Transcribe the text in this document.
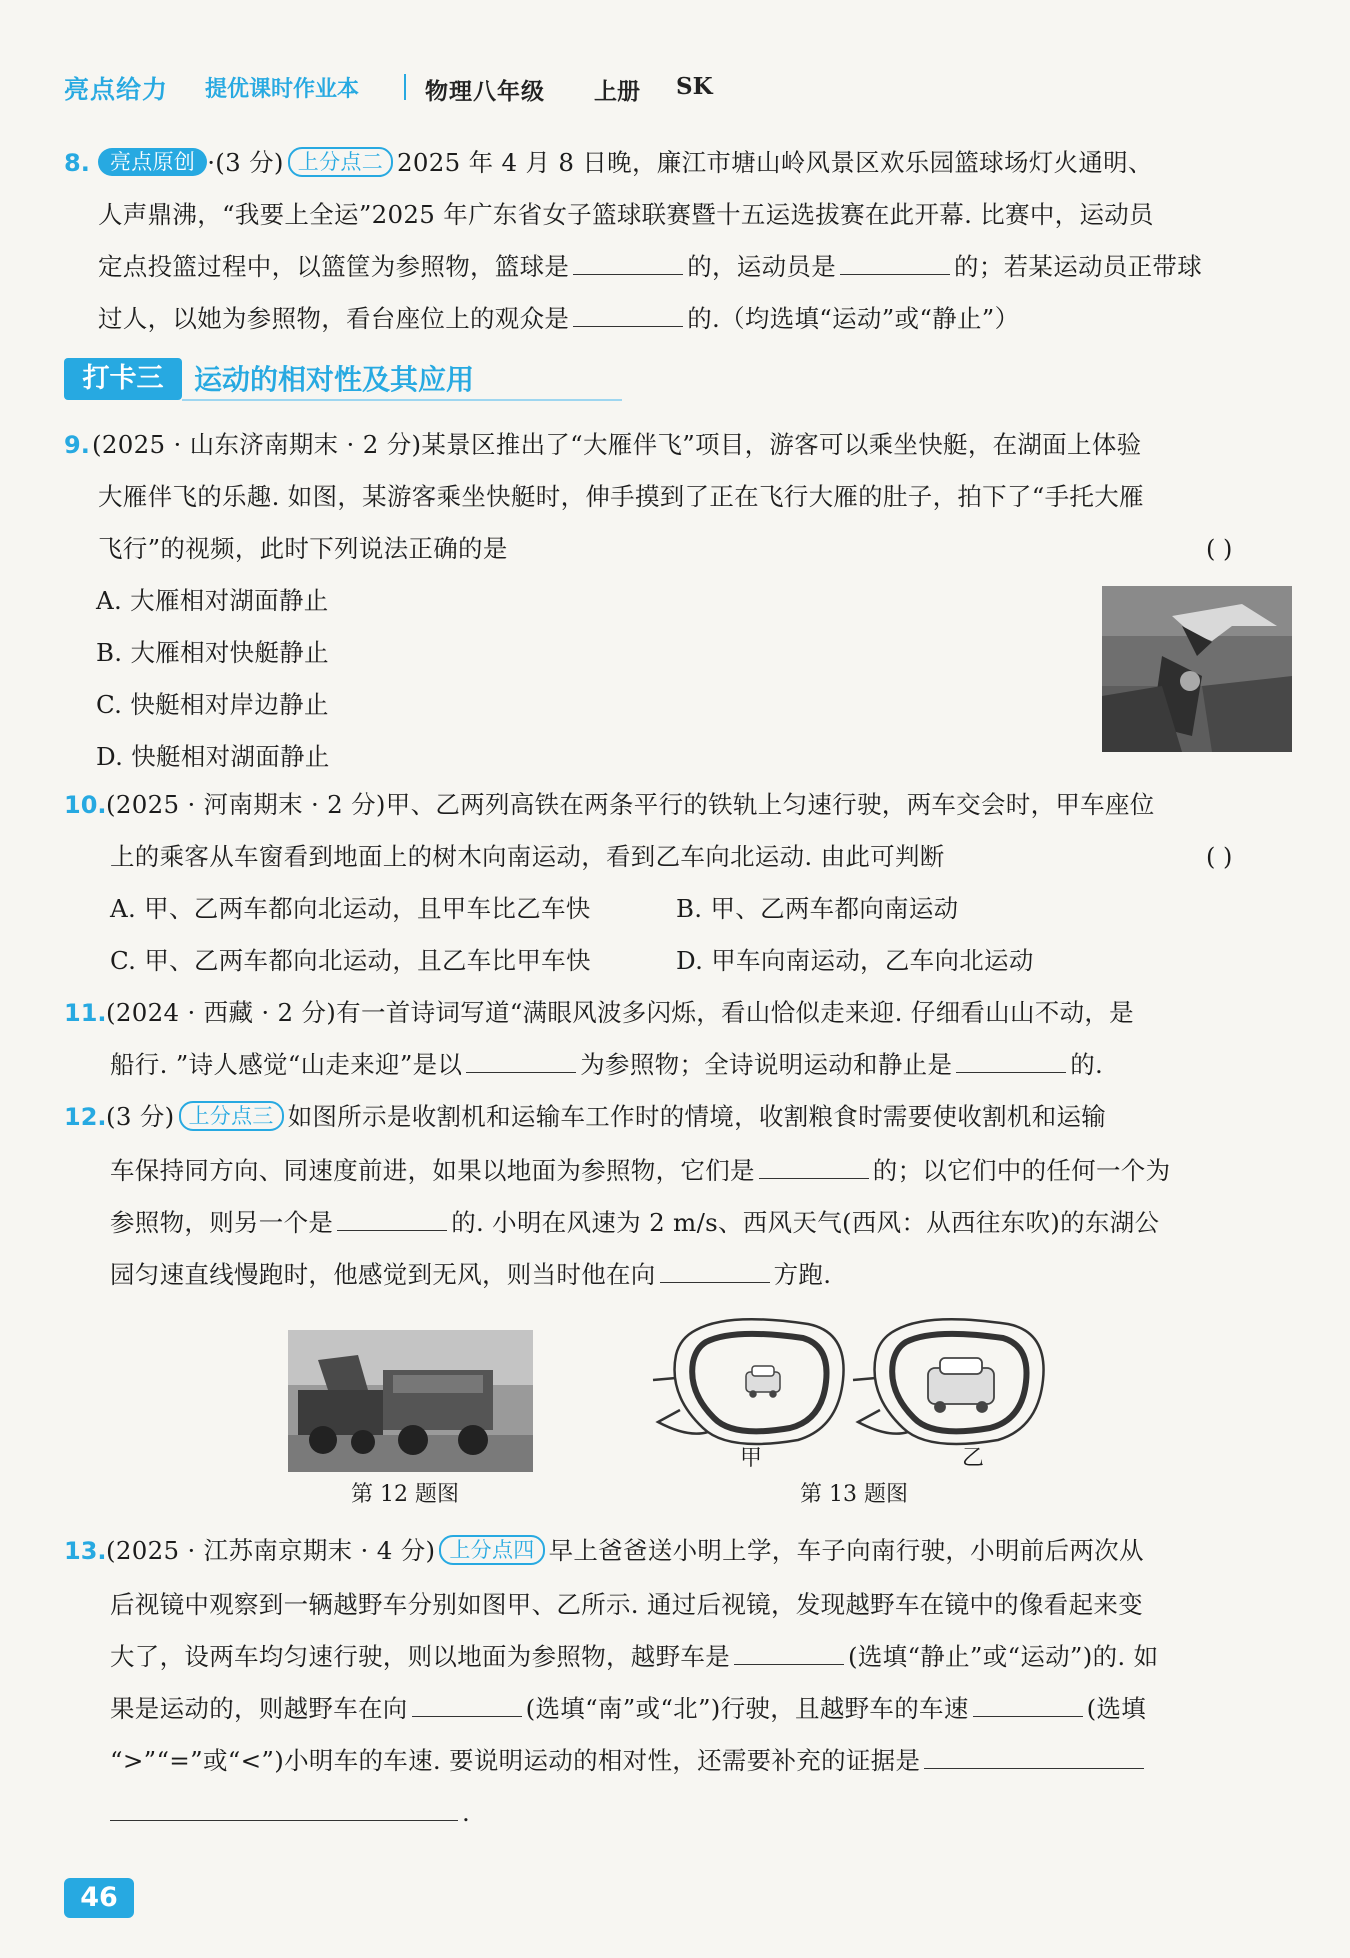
亮点给力 提优课时作业本	物理八年级 上册 SK
8. 亮点原创 ·(3 分) 上分点二 2025 年 4 月 8 日晚，廉江市塘山岭风景区欢乐园篮球场灯火通明、
人声鼎沸，“我要上全运”2025 年广东省女子篮球联赛暨十五运选拔赛在此开幕. 比赛中，运动员
定点投篮过程中，以篮筐为参照物，篮球是	的，运动员是	的；若某运动员正带球
过人，以她为参照物，看台座位上的观众是	的.（均选填“运动”或“静止”）
打卡三	运动的相对性及其应用
9. (2025 · 山东济南期末 · 2 分)某景区推出了“大雁伴飞”项目，游客可以乘坐快艇，在湖面上体验
大雁伴飞的乐趣. 如图，某游客乘坐快艇时，伸手摸到了正在飞行大雁的肚子，拍下了“手托大雁
飞行”的视频，此时下列说法正确的是	( )
A. 大雁相对湖面静止
B. 大雁相对快艇静止
C. 快艇相对岸边静止
D. 快艇相对湖面静止
10. (2025 · 河南期末 · 2 分)甲、乙两列高铁在两条平行的铁轨上匀速行驶，两车交会时，甲车座位
上的乘客从车窗看到地面上的树木向南运动，看到乙车向北运动. 由此可判断	( )
A. 甲、乙两车都向北运动，且甲车比乙车快	B. 甲、乙两车都向南运动
C. 甲、乙两车都向北运动，且乙车比甲车快	D. 甲车向南运动，乙车向北运动
11. (2024 · 西藏 · 2 分)有一首诗词写道“满眼风波多闪烁，看山恰似走来迎. 仔细看山山不动，是
船行. ”诗人感觉“山走来迎”是以	为参照物；全诗说明运动和静止是	的.
12. (3 分) 上分点三 如图所示是收割机和运输车工作时的情境，收割粮食时需要使收割机和运输
车保持同方向、同速度前进，如果以地面为参照物，它们是	的；以它们中的任何一个为
参照物，则另一个是	的. 小明在风速为 2 m/s、西风天气(西风：从西往东吹)的东湖公
园匀速直线慢跑时，他感觉到无风，则当时他在向	方跑.
第 12 题图
甲	乙
第 13 题图
13. (2025 · 江苏南京期末 · 4 分) 上分点四 早上爸爸送小明上学，车子向南行驶，小明前后两次从
后视镜中观察到一辆越野车分别如图甲、乙所示. 通过后视镜，发现越野车在镜中的像看起来变
大了，设两车均匀速行驶，则以地面为参照物，越野车是	(选填“静止”或“运动”)的. 如
果是运动的，则越野车在向	(选填“南”或“北”)行驶，且越野车的车速	(选填
“>”“=”或“<”)小明车的车速. 要说明运动的相对性，还需要补充的证据是
.
46
